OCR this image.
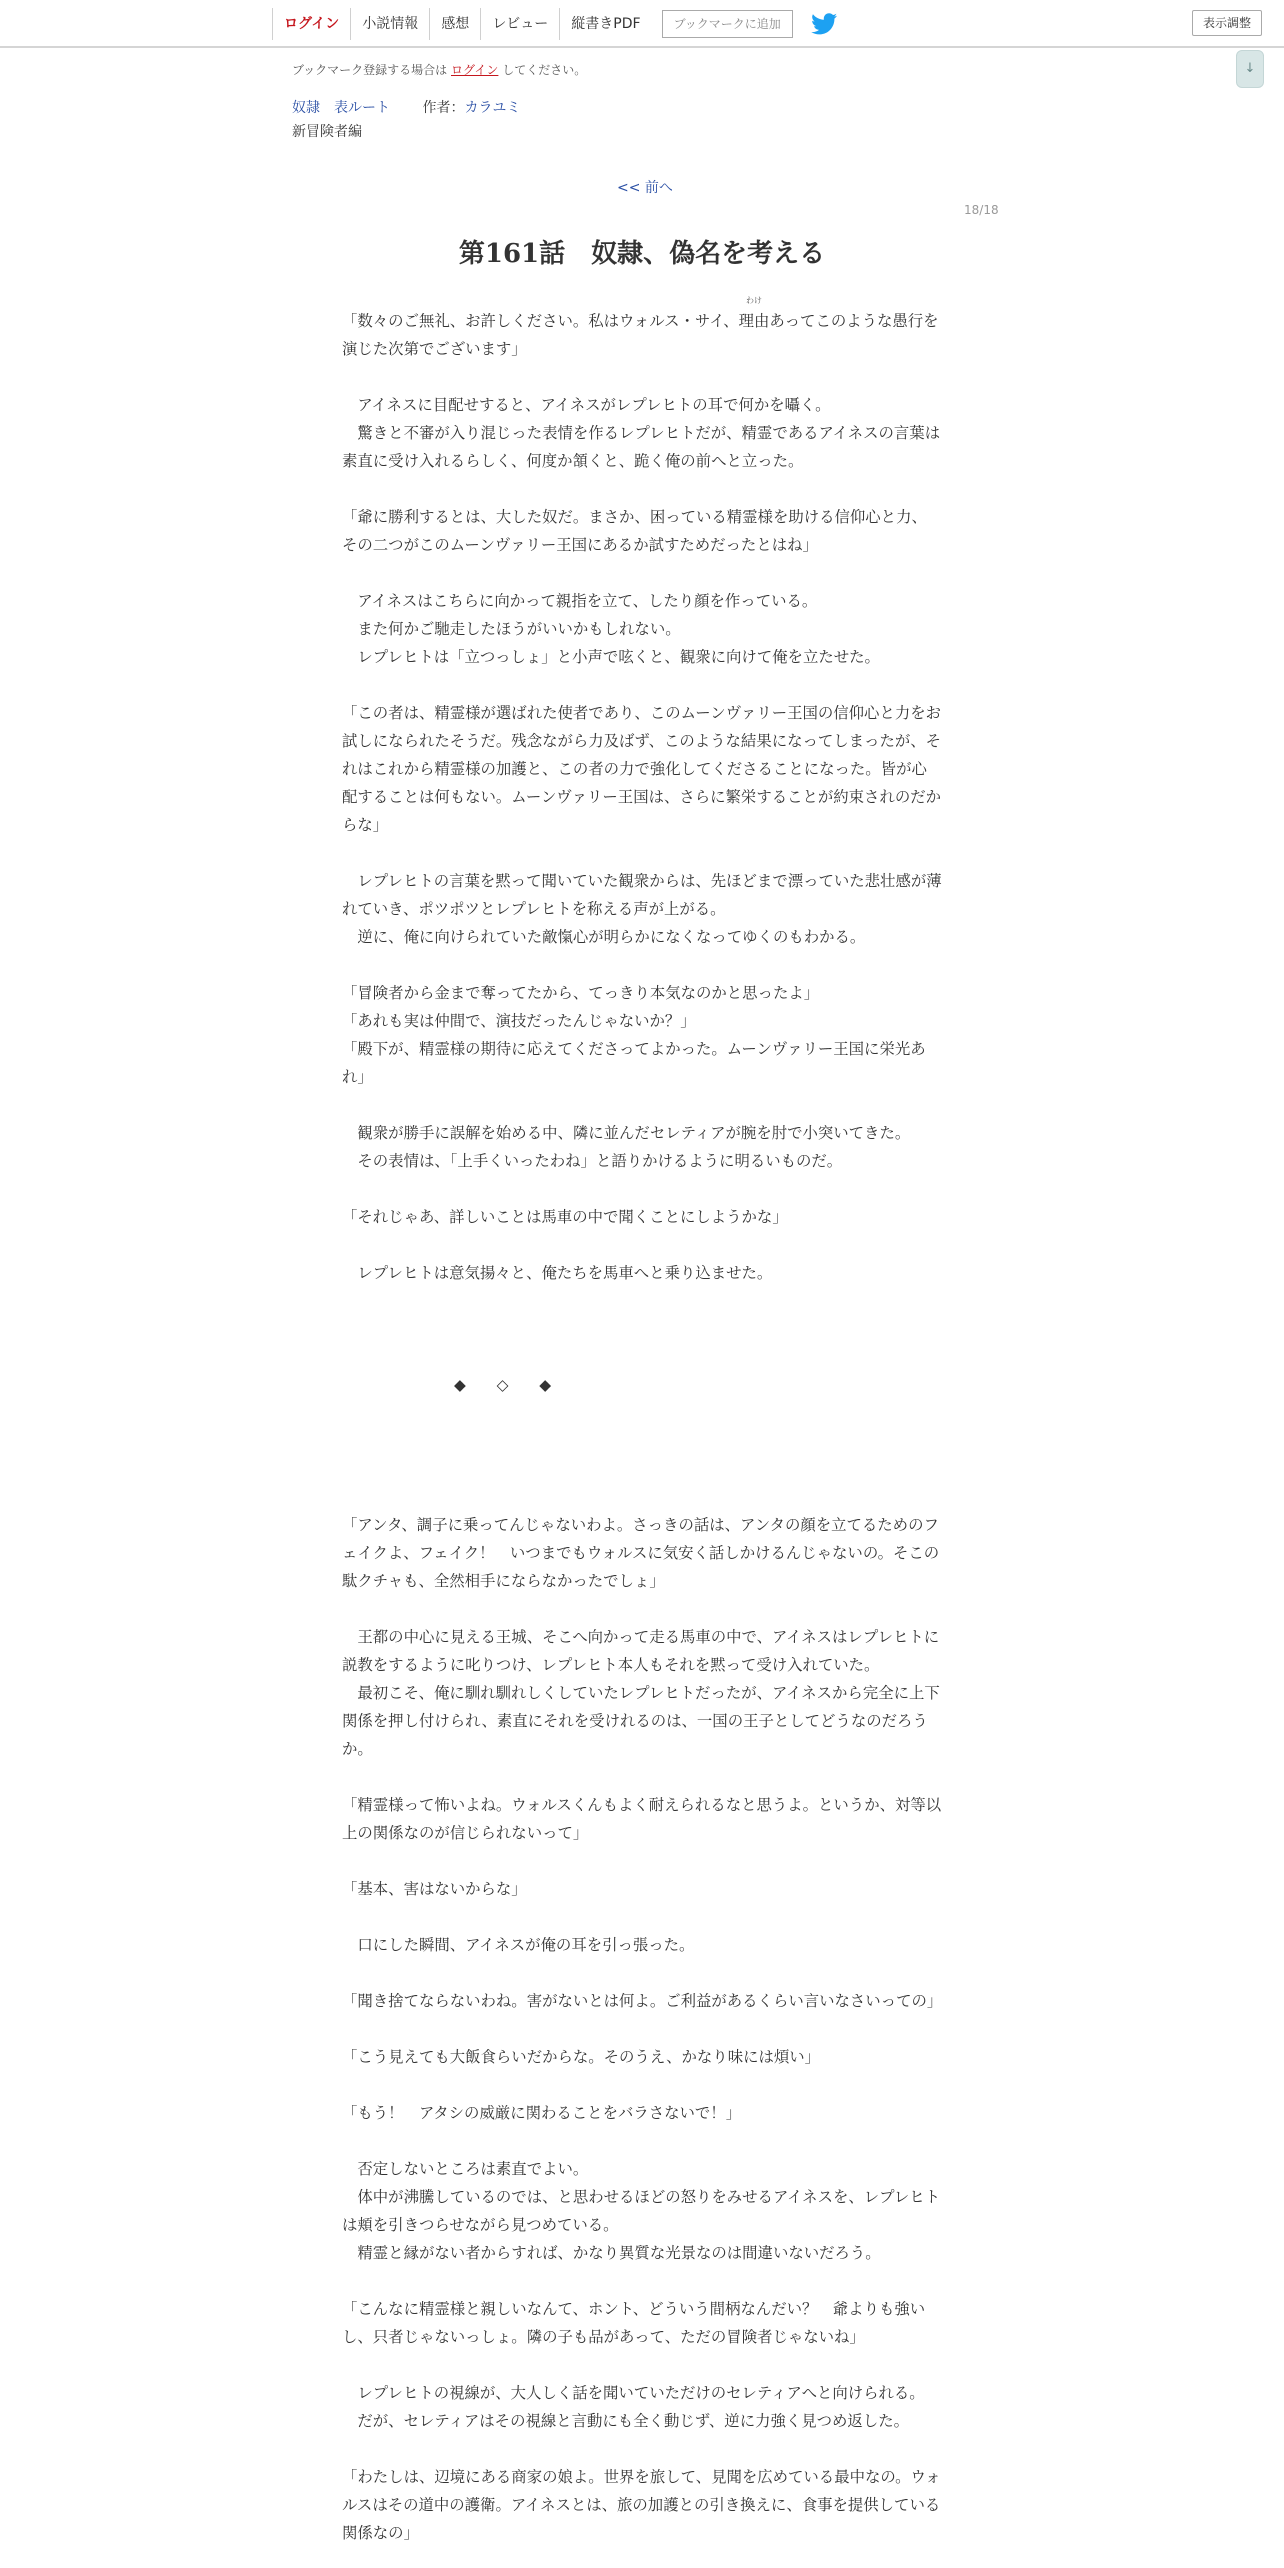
ログイン	小説情報	感想	レビュー	縦書きPDF	ブックマークに追加	表示調整
↓
ブックマーク登録する場合は ログイン してください。
奴隷　表ルート 作者：カラユミ
新冒険者編
<< 前へ
18/18
第161話　奴隷、偽名を考える

「数々のご無礼、お許しください。私はウォルス・サイ、
わけ
理由あってこのような愚行を演じた次第でございます」

　アイネスに目配せすると、アイネスがレプレヒトの耳で何かを囁く。

　驚きと不審が入り混じった表情を作るレプレヒトだが、精霊であるアイネスの言葉は素直に受け入れるらしく、何度か頷くと、跪く俺の前へと立った。

「爺に勝利するとは、大した奴だ。まさか、困っている精霊様を助ける信仰心と力、その二つがこのムーンヴァリー王国にあるか試すためだったとはね」

　アイネスはこちらに向かって親指を立て、したり顔を作っている。

　また何かご馳走したほうがいいかもしれない。

　レプレヒトは「立つっしょ」と小声で呟くと、観衆に向けて俺を立たせた。

「この者は、精霊様が選ばれた使者であり、このムーンヴァリー王国の信仰心と力をお試しになられたそうだ。残念ながら力及ばず、このような結果になってしまったが、それはこれから精霊様の加護と、この者の力で強化してくださることになった。皆が心配することは何もない。ムーンヴァリー王国は、さらに繁栄することが約束されのだからな」

　レプレヒトの言葉を黙って聞いていた観衆からは、先ほどまで漂っていた悲壮感が薄れていき、ポツポツとレプレヒトを称える声が上がる。

　逆に、俺に向けられていた敵愾心が明らかになくなってゆくのもわかる。

「冒険者から金まで奪ってたから、てっきり本気なのかと思ったよ」

「あれも実は仲間で、演技だったんじゃないか？」

「殿下が、精霊様の期待に応えてくださってよかった。ムーンヴァリー王国に栄光あれ」

　観衆が勝手に誤解を始める中、隣に並んだセレティアが腕を肘で小突いてきた。

　その表情は、「上手くいったわね」と語りかけるように明るいものだ。

「それじゃあ、詳しいことは馬車の中で聞くことにしようかな」

　レプレヒトは意気揚々と、俺たちを馬車へと乗り込ませた。

◆　　◇　　◆

「アンタ、調子に乗ってんじゃないわよ。さっきの話は、アンタの顔を立てるためのフェイクよ、フェイク！　いつまでもウォルスに気安く話しかけるんじゃないの。そこの駄クチャも、全然相手にならなかったでしょ」

　王都の中心に見える王城、そこへ向かって走る馬車の中で、アイネスはレプレヒトに説教をするように叱りつけ、レプレヒト本人もそれを黙って受け入れていた。

　最初こそ、俺に馴れ馴れしくしていたレプレヒトだったが、アイネスから完全に上下関係を押し付けられ、素直にそれを受けれるのは、一国の王子としてどうなのだろうか。

「精霊様って怖いよね。ウォルスくんもよく耐えられるなと思うよ。というか、対等以上の関係なのが信じられないって」

「基本、害はないからな」

　口にした瞬間、アイネスが俺の耳を引っ張った。

「聞き捨てならないわね。害がないとは何よ。ご利益があるくらい言いなさいっての」

「こう見えても大飯食らいだからな。そのうえ、かなり味には煩い」

「もう！　アタシの威厳に関わることをバラさないで！」

　否定しないところは素直でよい。

　体中が沸騰しているのでは、と思わせるほどの怒りをみせるアイネスを、レプレヒトは頬を引きつらせながら見つめている。

　精霊と縁がない者からすれば、かなり異質な光景なのは間違いないだろう。

「こんなに精霊様と親しいなんて、ホント、どういう間柄なんだい？　爺よりも強いし、只者じゃないっしょ。隣の子も品があって、ただの冒険者じゃないね」

　レプレヒトの視線が、大人しく話を聞いていただけのセレティアへと向けられる。

　だが、セレティアはその視線と言動にも全く動じず、逆に力強く見つめ返した。

「わたしは、辺境にある商家の娘よ。世界を旅して、見聞を広めている最中なの。ウォルスはその道中の護衛。アイネスとは、旅の加護との引き換えに、食事を提供している関係なの」
